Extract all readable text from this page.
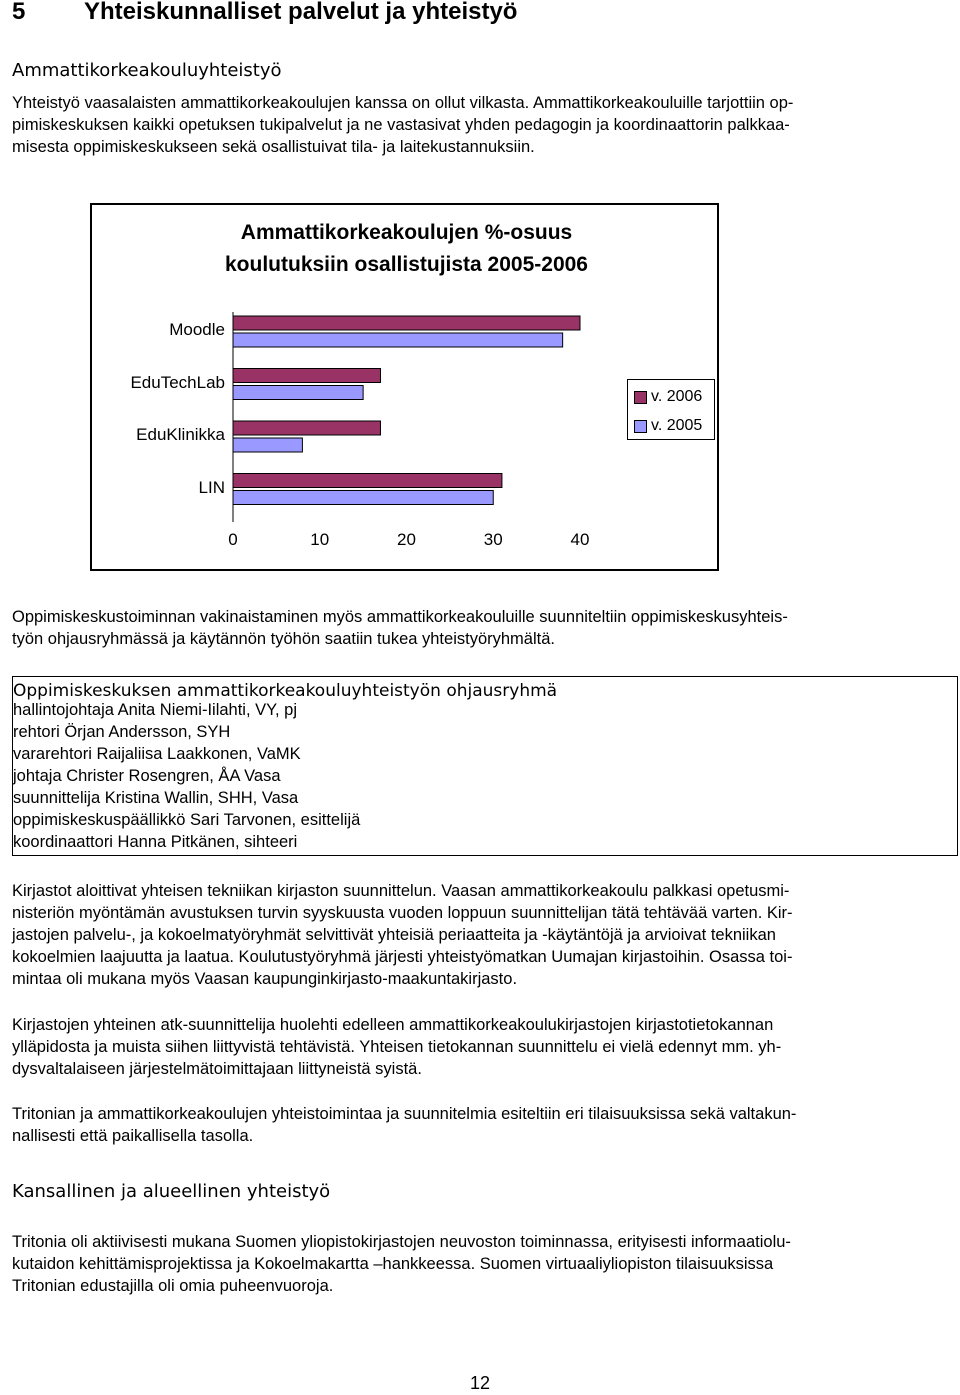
5 Yhteiskunnalliset palvelut ja yhteistyö
Ammattikorkeakouluyhteistyö
Yhteistyö vaasalaisten ammattikorkeakoulujen kanssa on ollut vilkasta. Ammattikorkeakouluille tarjottiin op-
pimiskeskuksen kaikki opetuksen tukipalvelut ja ne vastasivat yhden pedagogin ja koordinaattorin palkkaa-
misesta oppimiskeskukseen sekä osallistuivat tila- ja laitekustannuksiin.
Ammattikorkeakoulujen %-osuus
koulutuksiin osallistujista 2005-2006
Moodle
EduTechLab
EduKlinikka
LIN
0	10	20	30	40
v. 2006
v. 2005
Oppimiskeskustoiminnan vakinaistaminen myös ammattikorkeakouluille suunniteltiin oppimiskeskusyhteis-
työn ohjausryhmässä ja käytännön työhön saatiin tukea yhteistyöryhmältä.
Oppimiskeskuksen ammattikorkeakouluyhteistyön ohjausryhmä
hallintojohtaja Anita Niemi-Iilahti, VY, pj
rehtori Örjan Andersson, SYH
vararehtori Raijaliisa Laakkonen, VaMK
johtaja Christer Rosengren, ÅA Vasa
suunnittelija Kristina Wallin, SHH, Vasa
oppimiskeskuspäällikkö Sari Tarvonen, esittelijä
koordinaattori Hanna Pitkänen, sihteeri
Kirjastot aloittivat yhteisen tekniikan kirjaston suunnittelun. Vaasan ammattikorkeakoulu palkkasi opetusmi-
nisteriön myöntämän avustuksen turvin syyskuusta vuoden loppuun suunnittelijan tätä tehtävää varten. Kir-
jastojen palvelu-, ja kokoelmatyöryhmät selvittivät yhteisiä periaatteita ja -käytäntöjä ja arvioivat tekniikan
kokoelmien laajuutta ja laatua. Koulutustyöryhmä järjesti yhteistyömatkan Uumajan kirjastoihin. Osassa toi-
mintaa oli mukana myös Vaasan kaupunginkirjasto-maakuntakirjasto.
Kirjastojen yhteinen atk-suunnittelija huolehti edelleen ammattikorkeakoulukirjastojen kirjastotietokannan
ylläpidosta ja muista siihen liittyvistä tehtävistä. Yhteisen tietokannan suunnittelu ei vielä edennyt mm. yh-
dysvaltalaiseen järjestelmätoimittajaan liittyneistä syistä.
Tritonian ja ammattikorkeakoulujen yhteistoimintaa ja suunnitelmia esiteltiin eri tilaisuuksissa sekä valtakun-
nallisesti että paikallisella tasolla.
Kansallinen ja alueellinen yhteistyö
Tritonia oli aktiivisesti mukana Suomen yliopistokirjastojen neuvoston toiminnassa, erityisesti informaatiolu-
kutaidon kehittämisprojektissa ja Kokoelmakartta –hankkeessa. Suomen virtuaaliyliopiston tilaisuuksissa
Tritonian edustajilla oli omia puheenvuoroja.
12
